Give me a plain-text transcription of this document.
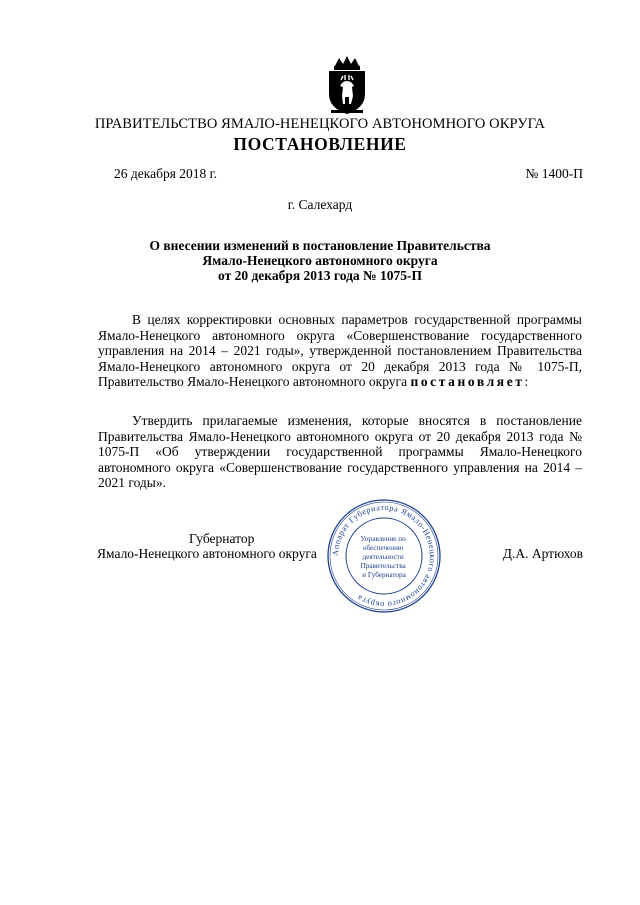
ПРАВИТЕЛЬСТВО ЯМАЛО-НЕНЕЦКОГО АВТОНОМНОГО ОКРУГА
ПОСТАНОВЛЕНИЕ
26 декабря 2018 г.	№ 1400-П
г. Салехард
О внесении изменений в постановление Правительства
Ямало-Ненецкого автономного округа
от 20 декабря 2013 года № 1075-П
В целях корректировки основных параметров государственной программы Ямало-Ненецкого автономного округа «Совершенствование государственного управления на 2014 – 2021 годы», утвержденной постановлением Правительства Ямало-Ненецкого автономного округа от 20 декабря 2013 года № 1075-П, Правительство Ямало-Ненецкого автономного округа постановляет:
Утвердить прилагаемые изменения, которые вносятся в постановление Правительства Ямало-Ненецкого автономного округа от 20 декабря 2013 года № 1075-П «Об утверждении государственной программы Ямало-Ненецкого автономного округа «Совершенствование государственного управления на 2014 – 2021 годы».
Губернатор
Ямало-Ненецкого автономного округа	Д.А. Артюхов
Аппарат Губернатора Ямало-Ненецкого автономного округа
Управление по обеспечению деятельности Правительства и Губернатора
